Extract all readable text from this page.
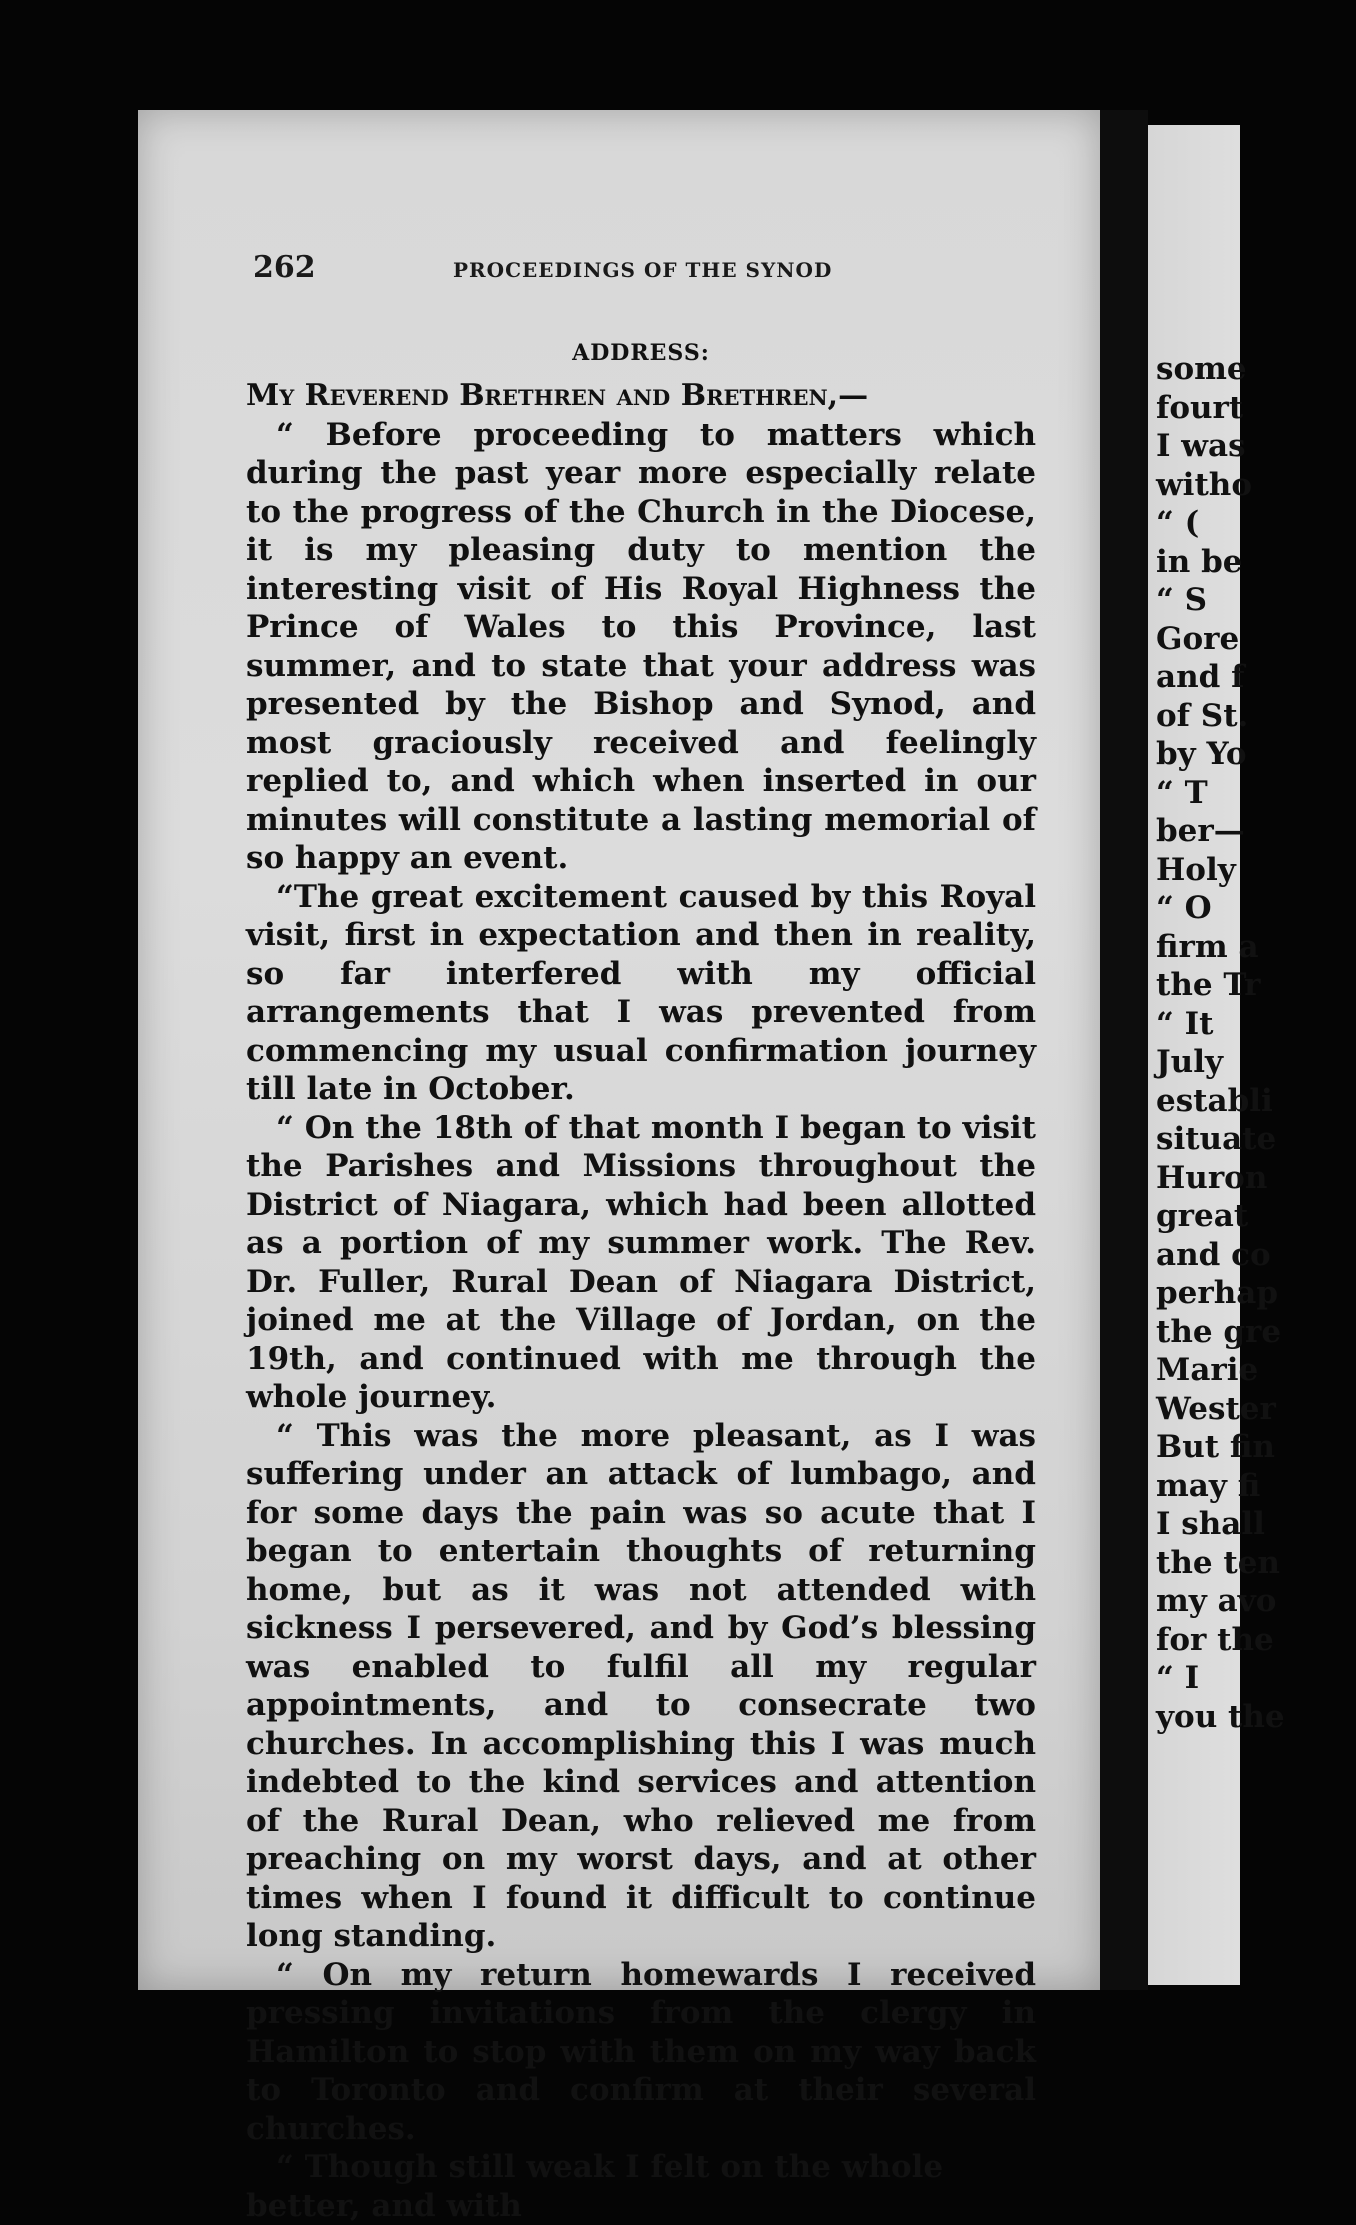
262	PROCEEDINGS OF THE SYNOD
ADDRESS:

My Reverend Brethren and Brethren,—

“ Before proceeding to matters which during the past year more especially relate to the progress of the Church in the Diocese, it is my pleasing duty to mention the interesting visit of His Royal Highness the Prince of Wales to this Province, last summer, and to state that your address was presented by the Bishop and Synod, and most graciously received and feelingly replied to, and which when inserted in our minutes will constitute a lasting memorial of so happy an event.

“The great excitement caused by this Royal visit, first in expectation and then in reality, so far interfered with my official arrangements that I was prevented from commencing my usual confirmation journey till late in October.

“ On the 18th of that month I began to visit the Parishes and Missions throughout the District of Niagara, which had been allotted as a portion of my summer work. The Rev. Dr. Fuller, Rural Dean of Niagara District, joined me at the Village of Jordan, on the 19th, and continued with me through the whole journey.

“ This was the more pleasant, as I was suffering under an attack of lumbago, and for some days the pain was so acute that I began to entertain thoughts of returning home, but as it was not attended with sickness I persevered, and by God’s blessing was enabled to fulfil all my regular appointments, and to consecrate two churches. In accomplishing this I was much indebted to the kind services and attention of the Rural Dean, who relieved me from preaching on my worst days, and at other times when I found it difficult to continue long standing.

“ On my return homewards I received pressing invitations from the clergy in Hamilton to stop with them on my way back to Toronto and confirm at their several churches.

“ Though still weak I felt on the whole better, and with

some
fourt
I was
witho
“ (
in be
“ S
Gore
and f
of St.
by Yo
“ T
ber—
Holy
“ O
firm a
the Tr
“ It
July
establi
situate
Huron
great
and co
perhap
the gre
Marie
Wester
But fin
may fi
I shall
the ten
my avo
for the
“ I
you the
